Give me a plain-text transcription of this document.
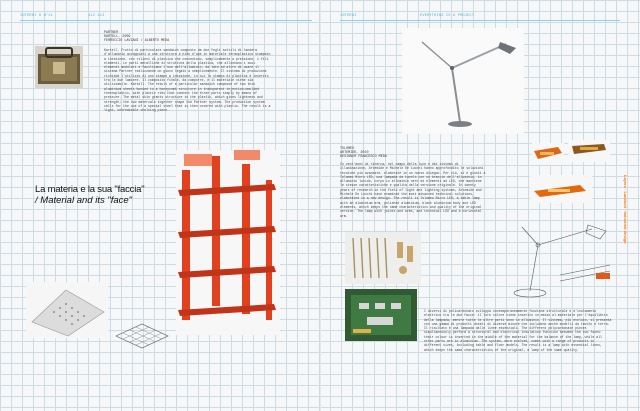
INTERNI 8 N°11	112 113	INTERNI	EVERYTHING IS A PROJECT
PARTNER
KARTELL, 2009
FERRUCCIO LAVIANI / ALBERTO MEDA
Kartell. Frutto di particolare sandwich composto da due fogli sottili di lamiera d'alluminio accoppiati a una struttura a nido d'ape in materiale termoplastico stampato a iniezione, con rilievi di plastica che consentono, semplicemente a pressione, i fili elementi. Le parti metalliche di struttura della plastica, che allineano i suoi elementi modulari e facilitano l'uso dell'alluminio, da lato ad altro di usare il sistema Partner realizzando un gioco legato a semplicemente. Il sistema di produzione richiede l'utilizzo di uno stampo a iniezione, in cui lo stampo di plastica è inserito tra le due lamiere. Il composito finale, da comporre, e il materiale viene sia utilizzabile. Kartell. The result of a particular sandwich composed of two thin aluminium sheets bonded to a honeycomb structure in transparent injection-moulded thermoplastic, with plastic ribs that connect the three parts simply by means of pressure. The metal skin grants structure to the plastic, which gives lightness and strength; the two materials together shape the Partner system. The production system calls for the use of a special steel that is then covered with plastic. The result is a light, unbreakable shelving piece.
La materia e la sua "faccia"
/ Material and its "face"
TOLOMEO
ARTEMIDE, 2010
DESIGNER FRANCESCO MEDA
In vent'anni di ricerca, nel campo della luce e dei sistemi di illuminazione, Artemide e Michele De Lucchi hanno approfondito le soluzioni tecniche più avanzate, elaborate in un nuovo disegno. Per ciò, si è giunti a Tolomeo Micro LED, una lampada da tavolo con un braccio dell'alluminio, in alluminio lucido, corpo in alluminio nero ed elementi ad LED, che mantiene le stesse caratteristiche e qualità della versione originale. In twenty years of research in the field of light and lighting systems, Artemide and Michele De Lucchi have examined the most advanced technical solutions, elaborated in a new design. The result is Tolomeo Micro LED, a table lamp with an aluminium arm, polished aluminium, black aluminium body and LED elements, which keeps the same characteristics and quality of the original version. The lamp with joints and arms, and technical LED and a horizontal arm.
I diversi di policarbonato sviluppa contemporaneamente funzione strutturale e d'isolamento elettrico tra le due facce: il loro colore viene inserito in mezzo al materiale per l'equilibrio della lampada, mentre tutte le altre parti sono in alluminio. Il sistema, più evoluto, si presenta con una gamma di prodotti dotati di diverse misure che includono anche modelli da tavolo e terra. Il risultato è una lampada dalle linee essenziali. The different polycarbonate pieces simultaneously perform a structural and electrical insulation function between the two faces: their colour is inserted in the middle of the material for the balance of the lamp, while all other parts are in aluminium. The system, more evolved, comes with a range of products in different sizes, including table and floor models. The result is a lamp with essential lines, which keeps the same characteristics of the original, a lamp of the same quality.
Layers · Laminati · industrial design
